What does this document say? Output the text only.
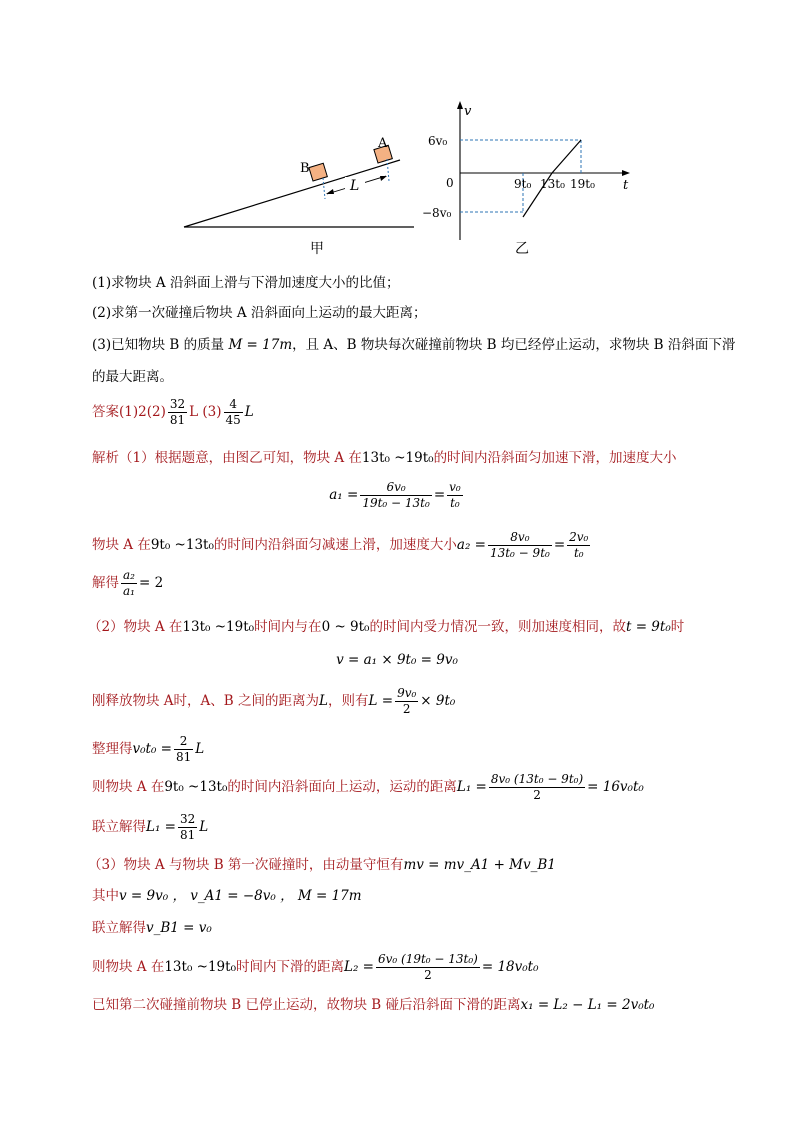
L
B
A
甲
v
t
0
6v₀
−8v₀
9t₀ 13t₀ 19t₀
乙
(1)求物块 A 沿斜面上滑与下滑加速度大小的比值；
(2)求第一次碰撞后物块 A 沿斜面向上运动的最大距离；
(3)已知物块 B 的质量 M = 17m，且 A、B 物块每次碰撞前物块 B 均已经停止运动，求物块 B 沿斜面下滑
的最大距离。
答案$(1)2(2) \frac{32}{81}$ L $(3) \frac{4}{45}$ L
解析（1）根据题意，由图乙可知，物块 A 在13t₀ ~19t₀的时间内沿斜面匀加速下滑，加速度大小
$a_1 = \frac{\text{6v₀}}{\text{19t₀ − 13t₀}} = \frac{\text{v₀}}{\text{t₀}}$
物块 A 在9t₀ ~13t₀的时间内沿斜面匀减速上滑，加速度大小$a_2 = \frac{\text{8v₀}}{\text{13t₀ − 9t₀}} = \frac{\text{2v₀}}{\text{t₀}}$
解得 $\frac{\text{a₂}}{\text{a₁}} = 2$
（2）物块 A 在13t₀ ~19t₀时间内与在0 ~ 9t₀的时间内受力情况一致，则加速度相同，故t = 9t₀时
v = a₁ × 9t₀ = 9v₀
刚释放物块 A时，A、B 之间的距离为L，则有$L = \frac{\text{9v₀}}{2} \times 9t_0$
整理得$v_0t_0 = \frac{2}{81}$ L
则物块 A 在9t₀ ~13t₀的时间内沿斜面向上运动，运动的距离$L_1 = \frac{\text{8v₀ (13t₀ − 9t₀)}}{2} = 16v_0t_0$
联立解得$L_1 = \frac{32}{81}$ L
（3）物块 A 与物块 B 第一次碰撞时，由动量守恒有mv = mv_A1 + Mv_B1
其中v = 9v₀ ， v_A1 = −8v₀ ， M = 17m
联立解得v_B1 = v₀
则物块 A 在13t₀ ~19t₀时间内下滑的距离$L_2 = \frac{\text{6v₀ (19t₀ − 13t₀)}}{2} = 18v_0t_0$
已知第二次碰撞前物块 B 已停止运动，故物块 B 碰后沿斜面下滑的距离x₁ = L₂ − L₁ = 2v₀t₀
